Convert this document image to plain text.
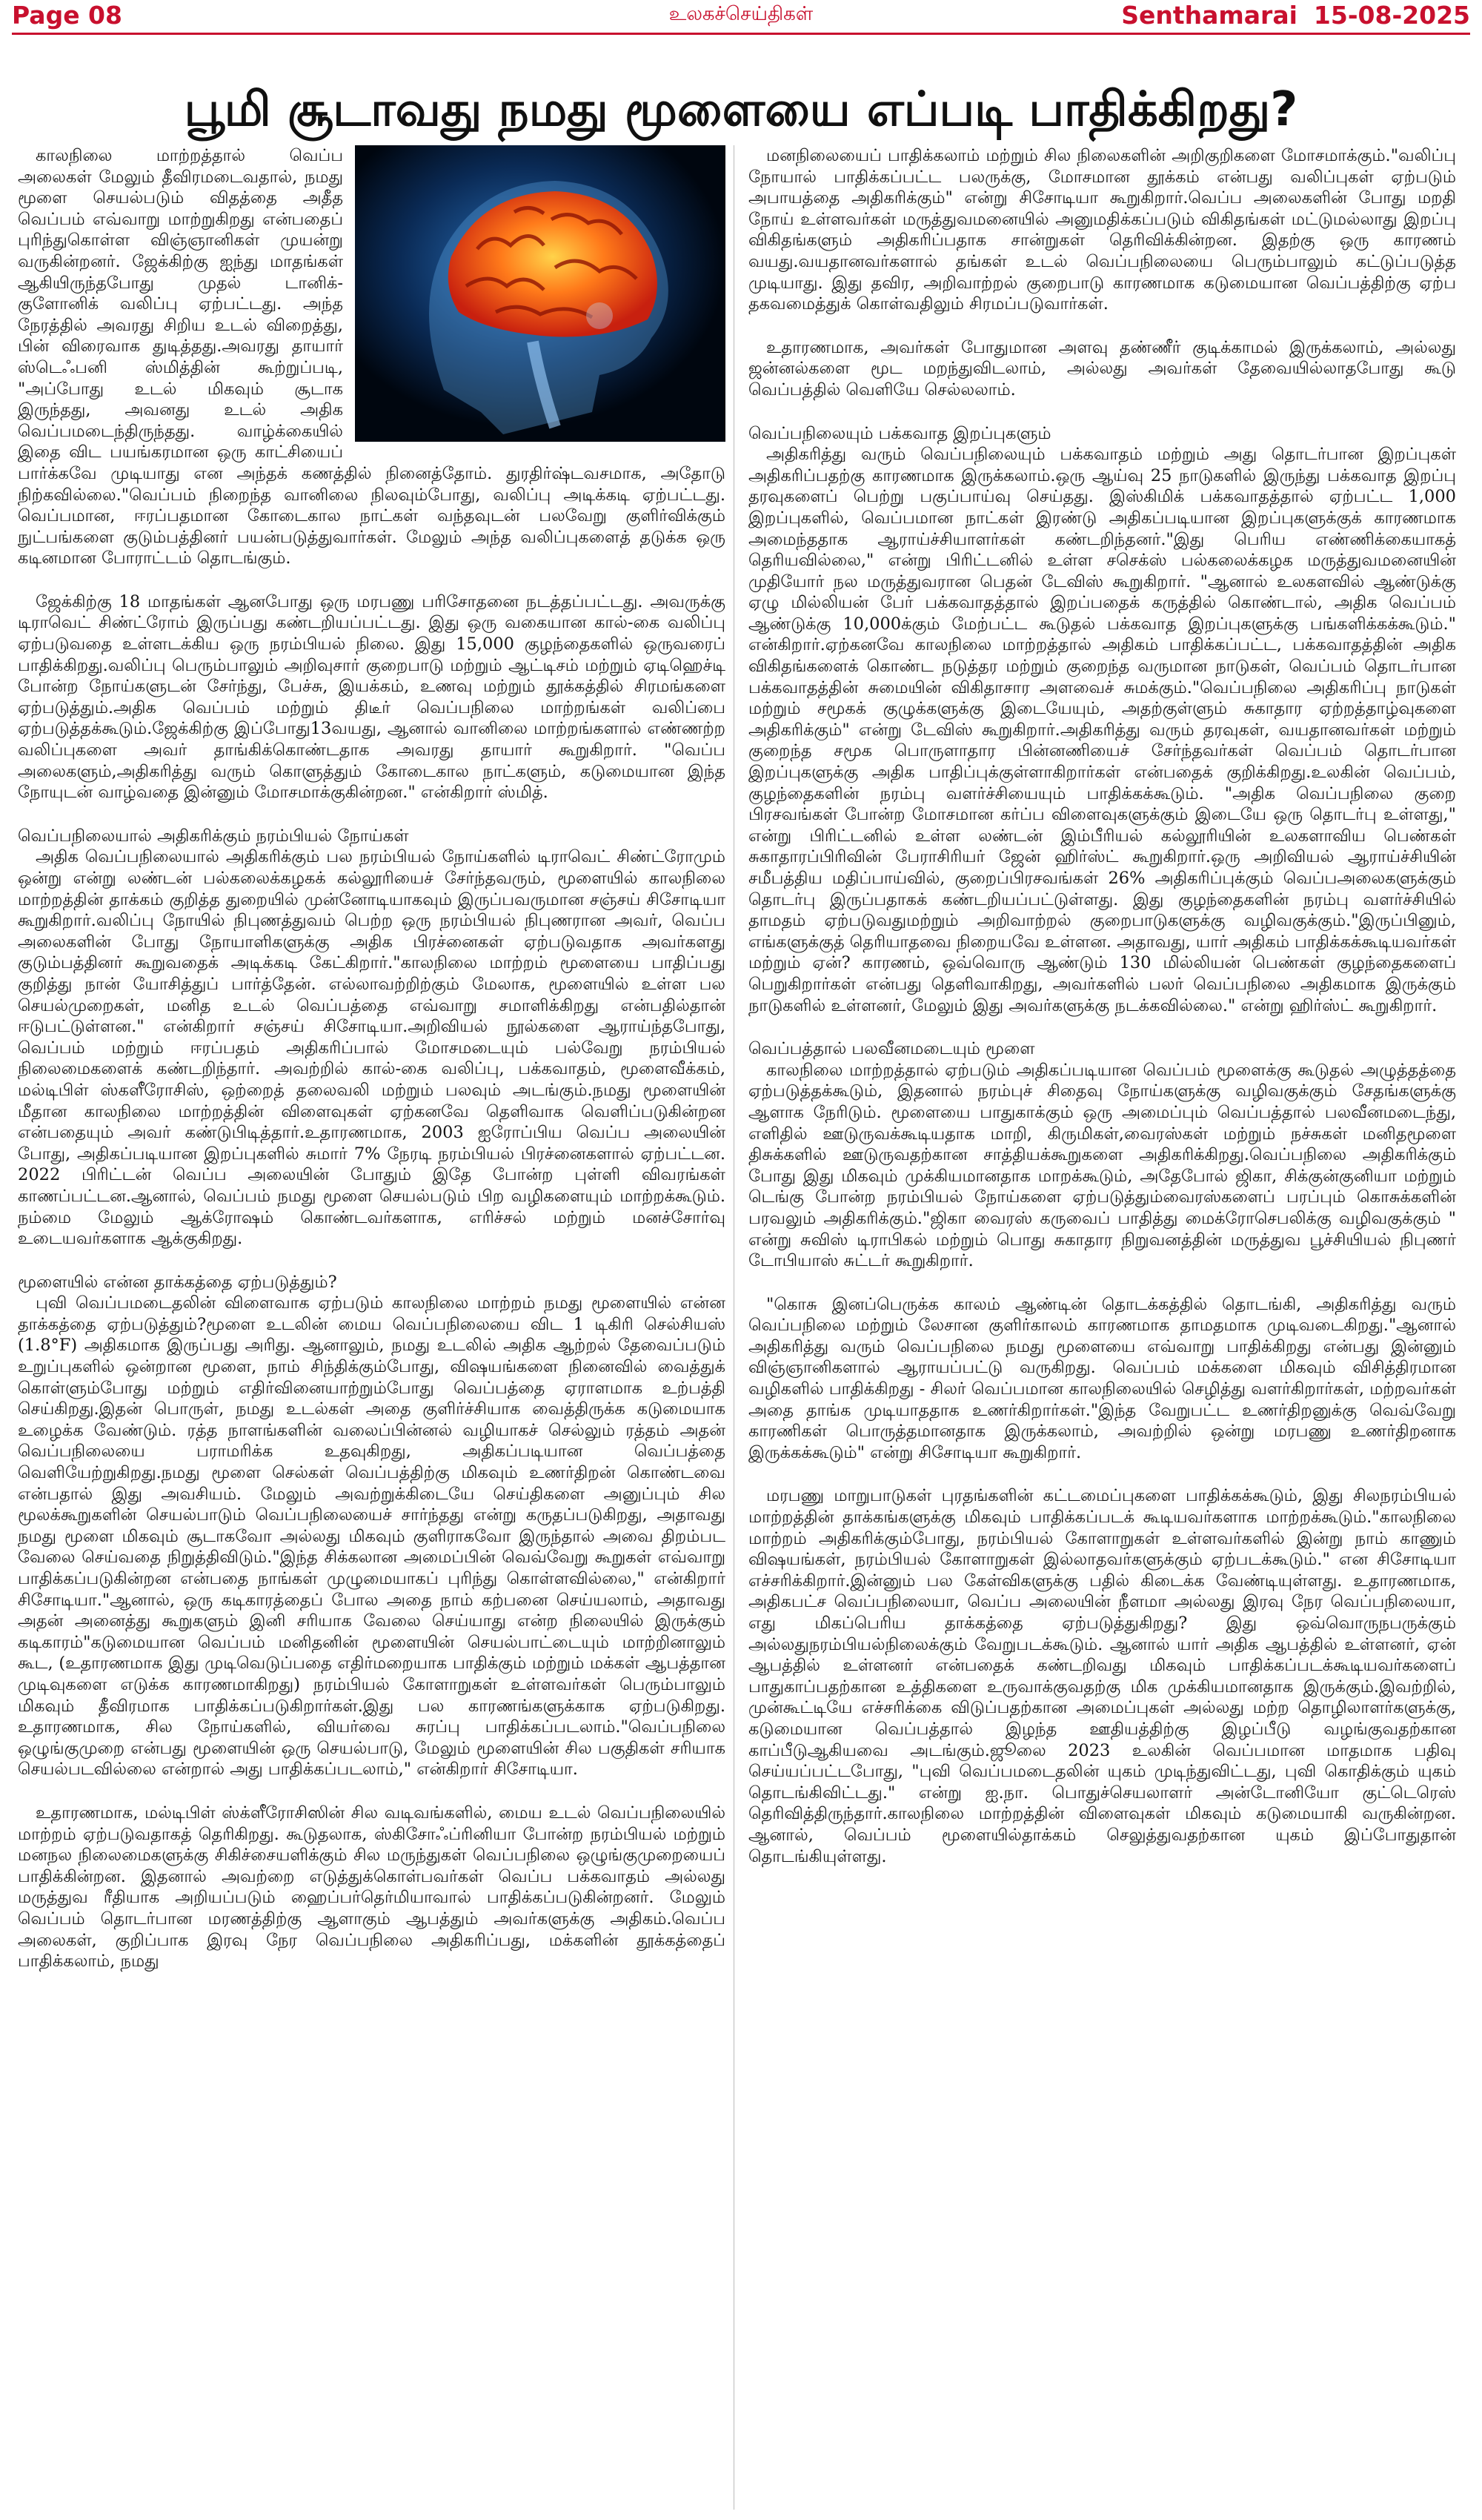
Page 08	உலகச்செய்திகள்	Senthamarai 15-08-2025
பூமி சூடாவது நமது மூளையை எப்படி பாதிக்கிறது?

காலநிலை மாற்றத்தால் வெப்ப அலைகள் மேலும் தீவிரமடைவதால், நமது மூளை செயல்படும் விதத்தை அதீத வெப்பம் எவ்வாறு மாற்றுகிறது என்பதைப் புரிந்துகொள்ள விஞ்ஞானிகள் முயன்று வருகின்றனர். ஜேக்கிற்கு ஐந்து மாதங்கள் ஆகியிருந்தபோது முதல் டானிக்-குளோனிக் வலிப்பு ஏற்பட்டது. அந்த நேரத்தில் அவரது சிறிய உடல் விறைத்து, பின் விரைவாக துடித்தது.அவரது தாயார் ஸ்டெஃபனி ஸ்மித்தின் கூற்றுப்படி, "அப்போது உடல் மிகவும் சூடாக இருந்தது, அவனது உடல் அதிக வெப்பமடைந்திருந்தது. வாழ்க்கையில் இதை விட பயங்கரமான ஒரு காட்சியைப் பார்க்கவே முடியாது என அந்தக் கணத்தில் நினைத்தோம். துரதிர்ஷ்டவசமாக, அதோடு நிற்கவில்லை."வெப்பம் நிறைந்த வானிலை நிலவும்போது, வலிப்பு அடிக்கடி ஏற்பட்டது. வெப்பமான, ஈரப்பதமான கோடைகால நாட்கள் வந்தவுடன் பலவேறு குளிர்விக்கும் நுட்பங்களை குடும்பத்தினர் பயன்படுத்துவார்கள். மேலும் அந்த வலிப்புகளைத் தடுக்க ஒரு கடினமான போராட்டம் தொடங்கும்.

ஜேக்கிற்கு 18 மாதங்கள் ஆனபோது ஒரு மரபணு பரிசோதனை நடத்தப்பட்டது. அவருக்கு டிராவெட் சிண்ட்ரோம் இருப்பது கண்டறியப்பட்டது. இது ஒரு வகையான கால்-கை வலிப்பு ஏற்படுவதை உள்ளடக்கிய ஒரு நரம்பியல் நிலை. இது 15,000 குழந்தைகளில் ஒருவரைப் பாதிக்கிறது.வலிப்பு பெரும்பாலும் அறிவுசார் குறைபாடு மற்றும் ஆட்டிசம் மற்றும் ஏடிஹெச்டி போன்ற நோய்களுடன் சேர்ந்து, பேச்சு, இயக்கம், உணவு மற்றும் தூக்கத்தில் சிரமங்களை ஏற்படுத்தும்.அதிக வெப்பம் மற்றும் திடீர் வெப்பநிலை மாற்றங்கள் வலிப்பை ஏற்படுத்தக்கூடும்.ஜேக்கிற்கு இப்போது13வயது, ஆனால் வானிலை மாற்றங்களால் எண்ணற்ற வலிப்புகளை அவர் தாங்கிக்கொண்டதாக அவரது தாயார் கூறுகிறார். "வெப்ப அலைகளும்,அதிகரித்து வரும் கொளுத்தும் கோடைகால நாட்களும், கடுமையான இந்த நோயுடன் வாழ்வதை இன்னும் மோசமாக்குகின்றன." என்கிறார் ஸ்மித்.

வெப்பநிலையால் அதிகரிக்கும் நரம்பியல் நோய்கள்

அதிக வெப்பநிலையால் அதிகரிக்கும் பல நரம்பியல் நோய்களில் டிராவெட் சிண்ட்ரோமும் ஒன்று என்று லண்டன் பல்கலைக்கழகக் கல்லூரியைச் சேர்ந்தவரும், மூளையில் காலநிலை மாற்றத்தின் தாக்கம் குறித்த துறையில் முன்னோடியாகவும் இருப்பவருமான சஞ்சய் சிசோடியா கூறுகிறார்.வலிப்பு நோயில் நிபுணத்துவம் பெற்ற ஒரு நரம்பியல் நிபுணரான அவர், வெப்ப அலைகளின் போது நோயாளிகளுக்கு அதிக பிரச்னைகள் ஏற்படுவதாக அவர்களது குடும்பத்தினர் கூறுவதைக் அடிக்கடி கேட்கிறார்."காலநிலை மாற்றம் மூளையை பாதிப்பது குறித்து நான் யோசித்துப் பார்த்தேன். எல்லாவற்றிற்கும் மேலாக, மூளையில் உள்ள பல செயல்முறைகள், மனித உடல் வெப்பத்தை எவ்வாறு சமாளிக்கிறது என்பதில்தான் ஈடுபட்டுள்ளன." என்கிறார் சஞ்சய் சிசோடியா.அறிவியல் நூல்களை ஆராய்ந்தபோது, வெப்பம் மற்றும் ஈரப்பதம் அதிகரிப்பால் மோசமடையும் பல்வேறு நரம்பியல் நிலைமைகளைக் கண்டறிந்தார். அவற்றில் கால்-கை வலிப்பு, பக்கவாதம், மூளைவீக்கம், மல்டிபிள் ஸ்களீரோசிஸ், ஒற்றைத் தலைவலி மற்றும் பலவும் அடங்கும்.நமது மூளையின் மீதான காலநிலை மாற்றத்தின் விளைவுகள் ஏற்கனவே தெளிவாக வெளிப்படுகின்றன என்பதையும் அவர் கண்டுபிடித்தார்.உதாரணமாக, 2003 ஐரோப்பிய வெப்ப அலையின் போது, அதிகப்படியான இறப்புகளில் சுமார் 7% நேரடி நரம்பியல் பிரச்னைகளால் ஏற்பட்டன. 2022 பிரிட்டன் வெப்ப அலையின் போதும் இதே போன்ற புள்ளி விவரங்கள் காணப்பட்டன.ஆனால், வெப்பம் நமது மூளை செயல்படும் பிற வழிகளையும் மாற்றக்கூடும். நம்மை மேலும் ஆக்ரோஷம் கொண்டவர்களாக, எரிச்சல் மற்றும் மனச்சோர்வு உடையவர்களாக ஆக்குகிறது.

மூளையில் என்ன தாக்கத்தை ஏற்படுத்தும்?

புவி வெப்பமடைதலின் விளைவாக ஏற்படும் காலநிலை மாற்றம் நமது மூளையில் என்ன தாக்கத்தை ஏற்படுத்தும்?மூளை உடலின் மைய வெப்பநிலையை விட 1 டிகிரி செல்சியஸ் (1.8°F) அதிகமாக இருப்பது அரிது. ஆனாலும், நமது உடலில் அதிக ஆற்றல் தேவைப்படும் உறுப்புகளில் ஒன்றான மூளை, நாம் சிந்திக்கும்போது, விஷயங்களை நினைவில் வைத்துக் கொள்ளும்போது மற்றும் எதிர்வினையாற்றும்போது வெப்பத்தை ஏராளமாக உற்பத்தி செய்கிறது.இதன் பொருள், நமது உடல்கள் அதை குளிர்ச்சியாக வைத்திருக்க கடுமையாக உழைக்க வேண்டும். ரத்த நாளங்களின் வலைப்பின்னல் வழியாகச் செல்லும் ரத்தம் அதன் வெப்பநிலையை பராமரிக்க உதவுகிறது, அதிகப்படியான வெப்பத்தை வெளியேற்றுகிறது.நமது மூளை செல்கள் வெப்பத்திற்கு மிகவும் உணர்திறன் கொண்டவை என்பதால் இது அவசியம். மேலும் அவற்றுக்கிடையே செய்திகளை அனுப்பும் சில மூலக்கூறுகளின் செயல்பாடும் வெப்பநிலையைச் சார்ந்தது என்று கருதப்படுகிறது, அதாவது நமது மூளை மிகவும் சூடாகவோ அல்லது மிகவும் குளிராகவோ இருந்தால் அவை திறம்பட வேலை செய்வதை நிறுத்திவிடும்."இந்த சிக்கலான அமைப்பின் வெவ்வேறு கூறுகள் எவ்வாறு பாதிக்கப்படுகின்றன என்பதை நாங்கள் முழுமையாகப் புரிந்து கொள்ளவில்லை," என்கிறார் சிசோடியா."ஆனால், ஒரு கடிகாரத்தைப் போல அதை நாம் கற்பனை செய்யலாம், அதாவது அதன் அனைத்து கூறுகளும் இனி சரியாக வேலை செய்யாது என்ற நிலையில் இருக்கும் கடிகாரம்"கடுமையான வெப்பம் மனிதனின் மூளையின் செயல்பாட்டையும் மாற்றினாலும் கூட, (உதாரணமாக இது முடிவெடுப்பதை எதிர்மறையாக பாதிக்கும் மற்றும் மக்கள் ஆபத்தான முடிவுகளை எடுக்க காரணமாகிறது) நரம்பியல் கோளாறுகள் உள்ளவர்கள் பெரும்பாலும் மிகவும் தீவிரமாக பாதிக்கப்படுகிறார்கள்.இது பல காரணங்களுக்காக ஏற்படுகிறது. உதாரணமாக, சில நோய்களில், வியர்வை சுரப்பு பாதிக்கப்படலாம்."வெப்பநிலை ஒழுங்குமுறை என்பது மூளையின் ஒரு செயல்பாடு, மேலும் மூளையின் சில பகுதிகள் சரியாக செயல்படவில்லை என்றால் அது பாதிக்கப்படலாம்," என்கிறார் சிசோடியா.

உதாரணமாக, மல்டிபிள் ஸ்க்ளீரோசிஸின் சில வடிவங்களில், மைய உடல் வெப்பநிலையில் மாற்றம் ஏற்படுவதாகத் தெரிகிறது. கூடுதலாக, ஸ்கிசோஃப்ரினியா போன்ற நரம்பியல் மற்றும் மனநல நிலைமைகளுக்கு சிகிச்சையளிக்கும் சில மருந்துகள் வெப்பநிலை ஒழுங்குமுறையைப் பாதிக்கின்றன. இதனால் அவற்றை எடுத்துக்கொள்பவர்கள் வெப்ப பக்கவாதம் அல்லது மருத்துவ ரீதியாக அறியப்படும் ஹைப்பர்தெர்மியாவால் பாதிக்கப்படுகின்றனர். மேலும் வெப்பம் தொடர்பான மரணத்திற்கு ஆளாகும் ஆபத்தும் அவர்களுக்கு அதிகம்.வெப்ப அலைகள், குறிப்பாக இரவு நேர வெப்பநிலை அதிகரிப்பது, மக்களின் தூக்கத்தைப் பாதிக்கலாம், நமது

மனநிலையைப் பாதிக்கலாம் மற்றும் சில நிலைகளின் அறிகுறிகளை மோசமாக்கும்."வலிப்பு நோயால் பாதிக்கப்பட்ட பலருக்கு, மோசமான தூக்கம் என்பது வலிப்புகள் ஏற்படும் அபாயத்தை அதிகரிக்கும்" என்று சிசோடியா கூறுகிறார்.வெப்ப அலைகளின் போது மறதி நோய் உள்ளவர்கள் மருத்துவமனையில் அனுமதிக்கப்படும் விகிதங்கள் மட்டுமல்லாது இறப்பு விகிதங்களும் அதிகரிப்பதாக சான்றுகள் தெரிவிக்கின்றன. இதற்கு ஒரு காரணம் வயது.வயதானவர்களால் தங்கள் உடல் வெப்பநிலையை பெரும்பாலும் கட்டுப்படுத்த முடியாது. இது தவிர, அறிவாற்றல் குறைபாடு காரணமாக கடுமையான வெப்பத்திற்கு ஏற்ப தகவமைத்துக் கொள்வதிலும் சிரமப்படுவார்கள்.

உதாரணமாக, அவர்கள் போதுமான அளவு தண்ணீர் குடிக்காமல் இருக்கலாம், அல்லது ஜன்னல்களை மூட மறந்துவிடலாம், அல்லது அவர்கள் தேவையில்லாதபோது கூடு வெப்பத்தில் வெளியே செல்லலாம்.

வெப்பநிலையும் பக்கவாத இறப்புகளும்

அதிகரித்து வரும் வெப்பநிலையும் பக்கவாதம் மற்றும் அது தொடர்பான இறப்புகள் அதிகரிப்பதற்கு காரணமாக இருக்கலாம்.ஒரு ஆய்வு 25 நாடுகளில் இருந்து பக்கவாத இறப்பு தரவுகளைப் பெற்று பகுப்பாய்வு செய்தது. இஸ்கிமிக் பக்கவாதத்தால் ஏற்பட்ட 1,000 இறப்புகளில், வெப்பமான நாட்கள் இரண்டு அதிகப்படியான இறப்புகளுக்குக் காரணமாக அமைந்ததாக ஆராய்ச்சியாளர்கள் கண்டறிந்தனர்."இது பெரிய எண்ணிக்கையாகத் தெரியவில்லை," என்று பிரிட்டனில் உள்ள சசெக்ஸ் பல்கலைக்கழக மருத்துவமனையின் முதியோர் நல மருத்துவரான பெதன் டேவிஸ் கூறுகிறார். "ஆனால் உலகளவில் ஆண்டுக்கு ஏழு மில்லியன் பேர் பக்கவாதத்தால் இறப்பதைக் கருத்தில் கொண்டால், அதிக வெப்பம் ஆண்டுக்கு 10,000க்கும் மேற்பட்ட கூடுதல் பக்கவாத இறப்புகளுக்கு பங்களிக்கக்கூடும்." என்கிறார்.ஏற்கனவே காலநிலை மாற்றத்தால் அதிகம் பாதிக்கப்பட்ட, பக்கவாதத்தின் அதிக விகிதங்களைக் கொண்ட நடுத்தர மற்றும் குறைந்த வருமான நாடுகள், வெப்பம் தொடர்பான பக்கவாதத்தின் சுமையின் விகிதாசார அளவைச் சுமக்கும்."வெப்பநிலை அதிகரிப்பு நாடுகள் மற்றும் சமூகக் குழுக்களுக்கு இடையேயும், அதற்குள்ளும் சுகாதார ஏற்றத்தாழ்வுகளை அதிகரிக்கும்" என்று டேவிஸ் கூறுகிறார்.அதிகரித்து வரும் தரவுகள், வயதானவர்கள் மற்றும் குறைந்த சமூக பொருளாதார பின்னணியைச் சேர்ந்தவர்கள் வெப்பம் தொடர்பான இறப்புகளுக்கு அதிக பாதிப்புக்குள்ளாகிறார்கள் என்பதைக் குறிக்கிறது.உலகின் வெப்பம், குழந்தைகளின் நரம்பு வளர்ச்சியையும் பாதிக்கக்கூடும். "அதிக வெப்பநிலை குறை பிரசவங்கள் போன்ற மோசமான கர்ப்ப விளைவுகளுக்கும் இடையே ஒரு தொடர்பு உள்ளது," என்று பிரிட்டனில் உள்ள லண்டன் இம்பீரியல் கல்லூரியின் உலகளாவிய பெண்கள் சுகாதாரப்பிரிவின் பேராசிரியர் ஜேன் ஹிர்ஸ்ட் கூறுகிறார்.ஒரு அறிவியல் ஆராய்ச்சியின் சமீபத்திய மதிப்பாய்வில், குறைப்பிரசவங்கள் 26% அதிகரிப்புக்கும் வெப்பஅலைகளுக்கும் தொடர்பு இருப்பதாகக் கண்டறியப்பட்டுள்ளது. இது குழந்தைகளின் நரம்பு வளர்ச்சியில் தாமதம் ஏற்படுவதுமற்றும் அறிவாற்றல் குறைபாடுகளுக்கு வழிவகுக்கும்."இருப்பினும், எங்களுக்குத் தெரியாதவை நிறையவே உள்ளன. அதாவது, யார் அதிகம் பாதிக்கக்கூடியவர்கள் மற்றும் ஏன்? காரணம், ஒவ்வொரு ஆண்டும் 130 மில்லியன் பெண்கள் குழந்தைகளைப் பெறுகிறார்கள் என்பது தெளிவாகிறது, அவர்களில் பலர் வெப்பநிலை அதிகமாக இருக்கும் நாடுகளில் உள்ளனர், மேலும் இது அவர்களுக்கு நடக்கவில்லை." என்று ஹிர்ஸ்ட் கூறுகிறார்.

வெப்பத்தால் பலவீனமடையும் மூளை

காலநிலை மாற்றத்தால் ஏற்படும் அதிகப்படியான வெப்பம் மூளைக்கு கூடுதல் அழுத்தத்தை ஏற்படுத்தக்கூடும், இதனால் நரம்புச் சிதைவு நோய்களுக்கு வழிவகுக்கும் சேதங்களுக்கு ஆளாக நேரிடும். மூளையை பாதுகாக்கும் ஒரு அமைப்பும் வெப்பத்தால் பலவீனமடைந்து, எளிதில் ஊடுருவக்கூடியதாக மாறி, கிருமிகள்,வைரஸ்கள் மற்றும் நச்சுகள் மனிதமூளை திசுக்களில் ஊடுருவதற்கான சாத்தியக்கூறுகளை அதிகரிக்கிறது.வெப்பநிலை அதிகரிக்கும் போது இது மிகவும் முக்கியமானதாக மாறக்கூடும், அதேபோல் ஜிகா, சிக்குன்குனியா மற்றும் டெங்கு போன்ற நரம்பியல் நோய்களை ஏற்படுத்தும்வைரஸ்களைப் பரப்பும் கொசுக்களின் பரவலும் அதிகரிக்கும்."ஜிகா வைரஸ் கருவைப் பாதித்து மைக்ரோசெபலிக்கு வழிவகுக்கும் " என்று சுவிஸ் டிராபிகல் மற்றும் பொது சுகாதார நிறுவனத்தின் மருத்துவ பூச்சியியல் நிபுணர் டோபியாஸ் சுட்டர் கூறுகிறார்.

"கொசு இனப்பெருக்க காலம் ஆண்டின் தொடக்கத்தில் தொடங்கி, அதிகரித்து வரும் வெப்பநிலை மற்றும் லேசான குளிர்காலம் காரணமாக தாமதமாக முடிவடைகிறது."ஆனால் அதிகரித்து வரும் வெப்பநிலை நமது மூளையை எவ்வாறு பாதிக்கிறது என்பது இன்னும் விஞ்ஞானிகளால் ஆராயப்பட்டு வருகிறது. வெப்பம் மக்களை மிகவும் விசித்திரமான வழிகளில் பாதிக்கிறது - சிலர் வெப்பமான காலநிலையில் செழித்து வளர்கிறார்கள், மற்றவர்கள் அதை தாங்க முடியாததாக உணர்கிறார்கள்."இந்த வேறுபட்ட உணர்திறனுக்கு வெவ்வேறு காரணிகள் பொருத்தமானதாக இருக்கலாம், அவற்றில் ஒன்று மரபணு உணர்திறனாக இருக்கக்கூடும்" என்று சிசோடியா கூறுகிறார்.

மரபணு மாறுபாடுகள் புரதங்களின் கட்டமைப்புகளை பாதிக்கக்கூடும், இது சிலநரம்பியல் மாற்றத்தின் தாக்கங்களுக்கு மிகவும் பாதிக்கப்படக் கூடியவர்களாக மாற்றக்கூடும்."காலநிலை மாற்றம் அதிகரிக்கும்போது, நரம்பியல் கோளாறுகள் உள்ளவர்களில் இன்று நாம் காணும் விஷயங்கள், நரம்பியல் கோளாறுகள் இல்லாதவர்களுக்கும் ஏற்படக்கூடும்." என சிசோடியா எச்சரிக்கிறார்.இன்னும் பல கேள்விகளுக்கு பதில் கிடைக்க வேண்டியுள்ளது. உதாரணமாக, அதிகபட்ச வெப்பநிலையா, வெப்ப அலையின் நீளமா அல்லது இரவு நேர வெப்பநிலையா, எது மிகப்பெரிய தாக்கத்தை ஏற்படுத்துகிறது? இது ஒவ்வொருநபருக்கும் அல்லதுநரம்பியல்நிலைக்கும் வேறுபடக்கூடும். ஆனால் யார் அதிக ஆபத்தில் உள்ளனர், ஏன் ஆபத்தில் உள்ளனர் என்பதைக் கண்டறிவது மிகவும் பாதிக்கப்படக்கூடியவர்களைப் பாதுகாப்பதற்கான உத்திகளை உருவாக்குவதற்கு மிக முக்கியமானதாக இருக்கும்.இவற்றில், முன்கூட்டியே எச்சரிக்கை விடுப்பதற்கான அமைப்புகள் அல்லது மற்ற தொழிலாளர்களுக்கு, கடுமையான வெப்பத்தால் இழந்த ஊதியத்திற்கு இழப்பீடு வழங்குவதற்கான காப்பீடுஆகியவை அடங்கும்.ஜூலை 2023 உலகின் வெப்பமான மாதமாக பதிவு செய்யப்பட்டபோது, "புவி வெப்பமடைதலின் யுகம் முடிந்துவிட்டது, புவி கொதிக்கும் யுகம் தொடங்கிவிட்டது." என்று ஐ.நா. பொதுச்செயலாளர் அன்டோனியோ குட்டெரெஸ் தெரிவித்திருந்தார்.காலநிலை மாற்றத்தின் விளைவுகள் மிகவும் கடுமையாகி வருகின்றன. ஆனால், வெப்பம் மூளையில்தாக்கம் செலுத்துவதற்கான யுகம் இப்போதுதான் தொடங்கியுள்ளது.
